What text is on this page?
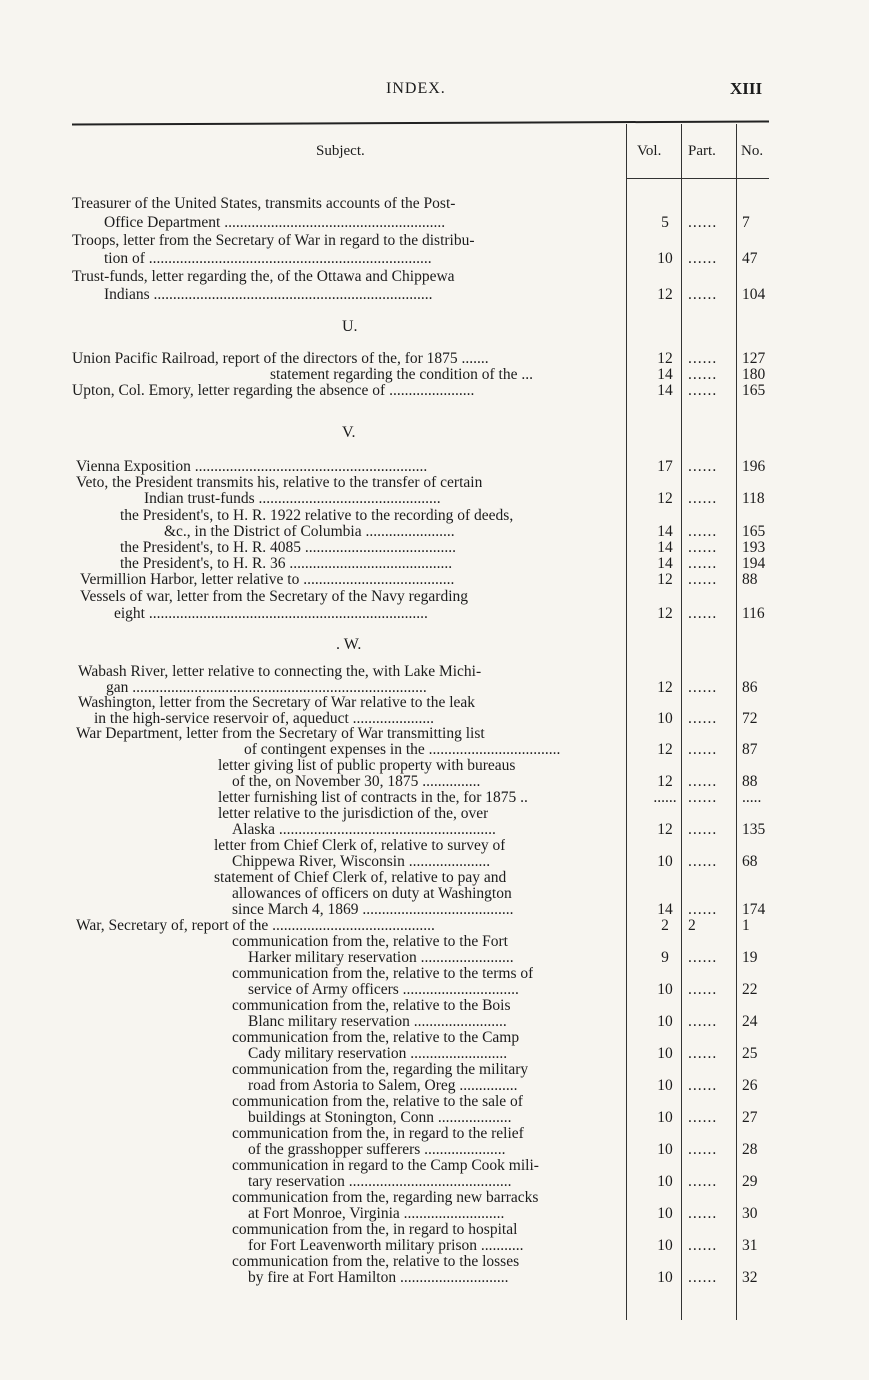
INDEX.	XIII
Subject.	Vol. Part. No.
U.
V.
. W.
Treasurer of the United States, transmits accounts of the Post-
Office Department .........................................................	5	......	7
Troops, letter from the Secretary of War in regard to the distribu-
tion of .........................................................................	10 ......	47
Trust-funds, letter regarding the, of the Ottawa and Chippewa
Indians ........................................................................	12 ......	104
Union Pacific Railroad, report of the directors of the, for 1875 .......	12 ......	127
statement regarding the condition of the ...	14 ......	180
Upton, Col. Emory, letter regarding the absence of ......................	14 ......	165
Vienna Exposition ............................................................	17 ......	196
Veto, the President transmits his, relative to the transfer of certain
Indian trust-funds ...............................................	12 ......	118
the President's, to H. R. 1922 relative to the recording of deeds,
&c., in the District of Columbia .......................	14 ......	165
the President's, to H. R. 4085 .......................................	14 ......	193
the President's, to H. R. 36 ..........................................	14 ......	194
Vermillion Harbor, letter relative to .......................................	12 ......	88
Vessels of war, letter from the Secretary of the Navy regarding
eight ........................................................................	12 ......	116
Wabash River, letter relative to connecting the, with Lake Michi-
gan ............................................................................	12 ......	86
Washington, letter from the Secretary of War relative to the leak
in the high-service reservoir of, aqueduct .....................	10 ......	72
War Department, letter from the Secretary of War transmitting list
of contingent expenses in the ..................................	12 ......	87
letter giving list of public property with bureaus
of the, on November 30, 1875 ...............	12 ......	88
letter furnishing list of contracts in the, for 1875 ..	...... ......	.....
letter relative to the jurisdiction of the, over
Alaska ........................................................	12 ......	135
letter from Chief Clerk of, relative to survey of
Chippewa River, Wisconsin .....................	10 ......	68
statement of Chief Clerk of, relative to pay and
allowances of officers on duty at Washington
since March 4, 1869 .......................................	14 ......	174
War, Secretary of, report of the ..........................................	2	2	1
communication from the, relative to the Fort
Harker military reservation ........................	9	......	19
communication from the, relative to the terms of
service of Army officers ..............................	10 ......	22
communication from the, relative to the Bois
Blanc military reservation ........................	10 ......	24
communication from the, relative to the Camp
Cady military reservation .........................	10 ......	25
communication from the, regarding the military
road from Astoria to Salem, Oreg ...............	10 ......	26
communication from the, relative to the sale of
buildings at Stonington, Conn ...................	10 ......	27
communication from the, in regard to the relief
of the grasshopper sufferers .....................	10 ......	28
communication in regard to the Camp Cook mili-
tary reservation ..........................................	10 ......	29
communication from the, regarding new barracks
at Fort Monroe, Virginia ..........................	10 ......	30
communication from the, in regard to hospital
for Fort Leavenworth military prison ...........	10 ......	31
communication from the, relative to the losses
by fire at Fort Hamilton ............................	10 ......	32
